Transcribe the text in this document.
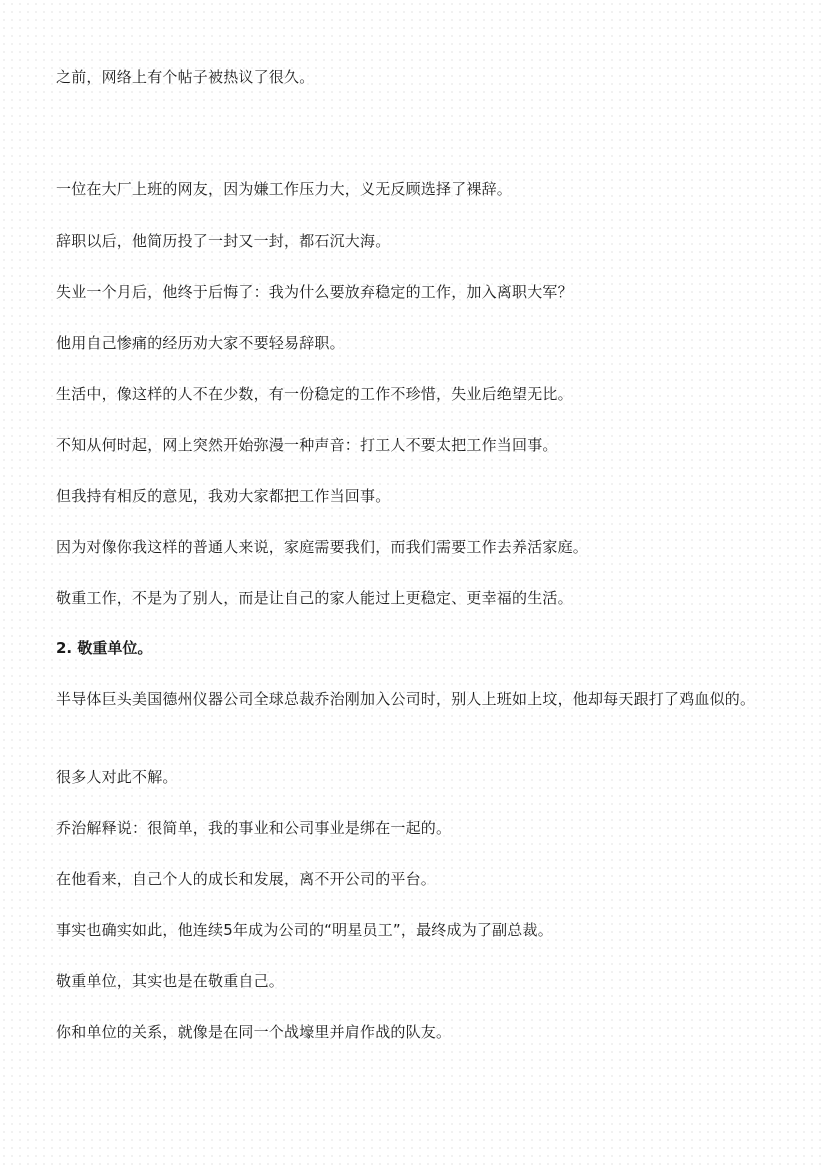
之前，网络上有个帖子被热议了很久。

一位在大厂上班的网友，因为嫌工作压力大，义无反顾选择了裸辞。

辞职以后，他简历投了一封又一封，都石沉大海。

失业一个月后，他终于后悔了：我为什么要放弃稳定的工作，加入离职大军？

他用自己惨痛的经历劝大家不要轻易辞职。

生活中，像这样的人不在少数，有一份稳定的工作不珍惜，失业后绝望无比。

不知从何时起，网上突然开始弥漫一种声音：打工人不要太把工作当回事。

但我持有相反的意见，我劝大家都把工作当回事。

因为对像你我这样的普通人来说，家庭需要我们，而我们需要工作去养活家庭。

敬重工作，不是为了别人，而是让自己的家人能过上更稳定、更幸福的生活。

2. 敬重单位。

半导体巨头美国德州仪器公司全球总裁乔治刚加入公司时，别人上班如上坟，他却每天跟打了鸡血似的。

很多人对此不解。

乔治解释说：很简单，我的事业和公司事业是绑在一起的。

在他看来，自己个人的成长和发展，离不开公司的平台。

事实也确实如此，他连续5年成为公司的“明星员工”，最终成为了副总裁。

敬重单位，其实也是在敬重自己。

你和单位的关系，就像是在同一个战壕里并肩作战的队友。
